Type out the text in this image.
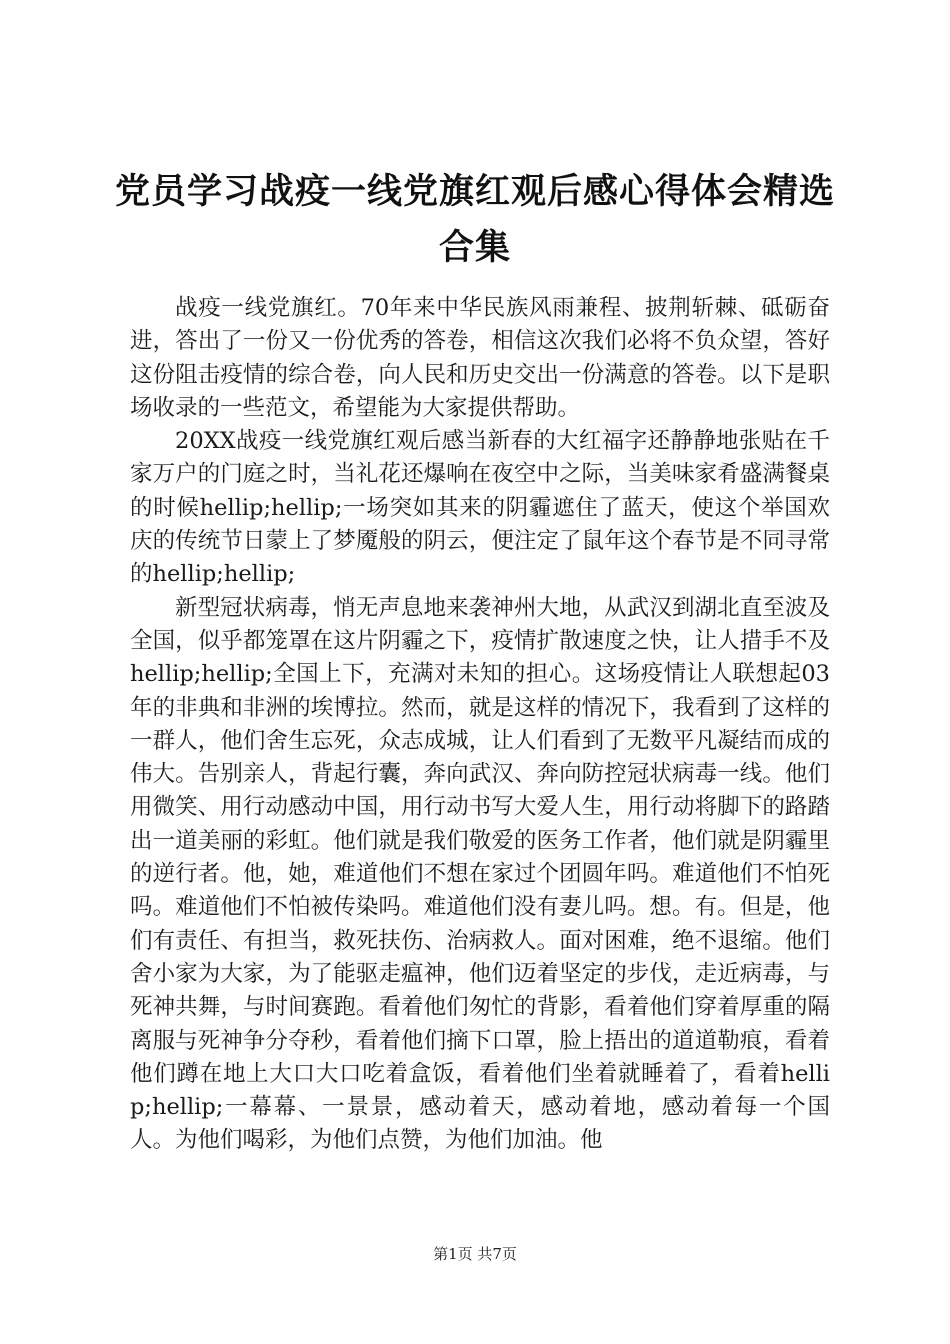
党员学习战疫一线党旗红观后感心得体会精选合集

战疫一线党旗红。70年来中华民族风雨兼程、披荆斩棘、砥砺奋进，答出了一份又一份优秀的答卷，相信这次我们必将不负众望，答好这份阻击疫情的综合卷，向人民和历史交出一份满意的答卷。以下是职场收录的一些范文，希望能为大家提供帮助。

20XX战疫一线党旗红观后感当新春的大红福字还静静地张贴在千家万户的门庭之时，当礼花还爆响在夜空中之际，当美味家肴盛满餐桌的时候hellip;hellip;一场突如其来的阴霾遮住了蓝天，使这个举国欢庆的传统节日蒙上了梦魇般的阴云，便注定了鼠年这个春节是不同寻常的hellip;hellip;

新型冠状病毒，悄无声息地来袭神州大地，从武汉到湖北直至波及全国，似乎都笼罩在这片阴霾之下，疫情扩散速度之快，让人措手不及hellip;hellip;全国上下，充满对未知的担心。这场疫情让人联想起03年的非典和非洲的埃博拉。然而，就是这样的情况下，我看到了这样的一群人，他们舍生忘死，众志成城，让人们看到了无数平凡凝结而成的伟大。告别亲人，背起行囊，奔向武汉、奔向防控冠状病毒一线。他们用微笑、用行动感动中国，用行动书写大爱人生，用行动将脚下的路踏出一道美丽的彩虹。他们就是我们敬爱的医务工作者，他们就是阴霾里的逆行者。他，她，难道他们不想在家过个团圆年吗。难道他们不怕死吗。难道他们不怕被传染吗。难道他们没有妻儿吗。想。有。但是，他们有责任、有担当，救死扶伤、治病救人。面对困难，绝不退缩。他们舍小家为大家，为了能驱走瘟神，他们迈着坚定的步伐，走近病毒，与死神共舞，与时间赛跑。看着他们匆忙的背影，看着他们穿着厚重的隔离服与死神争分夺秒，看着他们摘下口罩，脸上捂出的道道勒痕，看着他们蹲在地上大口大口吃着盒饭，看着他们坐着就睡着了，看着hellip;hellip;一幕幕、一景景，感动着天，感动着地，感动着每一个国人。为他们喝彩，为他们点赞，为他们加油。他

第1页 共7页
